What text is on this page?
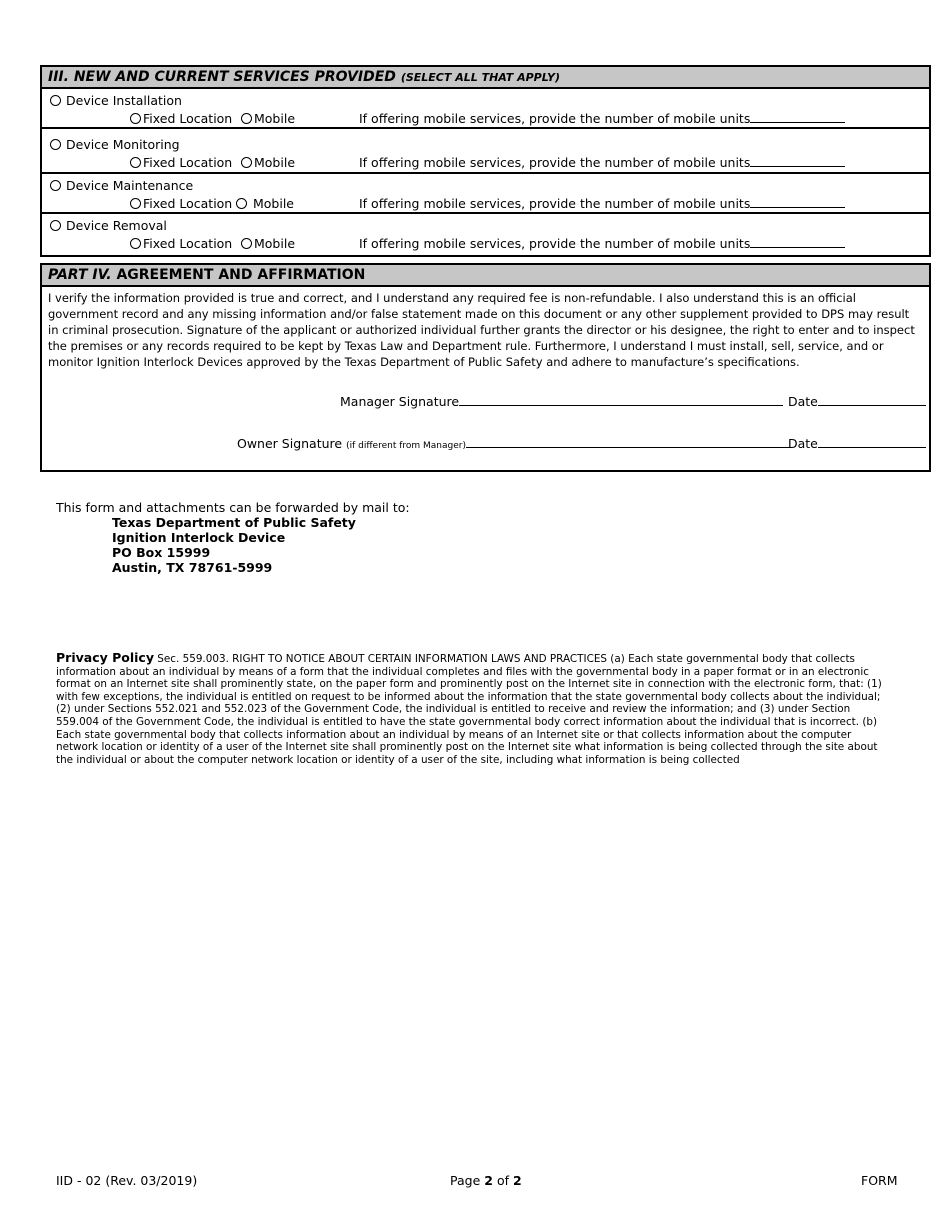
III. NEW AND CURRENT SERVICES PROVIDED (SELECT ALL THAT APPLY)
Device Installation
Fixed Location	Mobile	If offering mobile services, provide the number of mobile units
Device Monitoring
Fixed Location	Mobile	If offering mobile services, provide the number of mobile units
Device Maintenance
Fixed Location	Mobile	If offering mobile services, provide the number of mobile units
Device Removal
Fixed Location	Mobile	If offering mobile services, provide the number of mobile units
PART IV. AGREEMENT AND AFFIRMATION
I verify the information provided is true and correct, and I understand any required fee is non-refundable. I also understand this is an official government record and any missing information and/or false statement made on this document or any other supplement provided to DPS may result in criminal prosecution. Signature of the applicant or authorized individual further grants the director or his designee, the right to enter and to inspect the premises or any records required to be kept by Texas Law and Department rule. Furthermore, I understand I must install, sell, service, and or monitor Ignition Interlock Devices approved by the Texas Department of Public Safety and adhere to manufacture’s specifications.
Manager Signature	Date
Owner Signature (if different from Manager)	Date
This form and attachments can be forwarded by mail to:
Texas Department of Public Safety
Ignition Interlock Device
PO Box 15999
Austin, TX 78761-5999
Privacy Policy Sec. 559.003. RIGHT TO NOTICE ABOUT CERTAIN INFORMATION LAWS AND PRACTICES (a) Each state governmental body that collects information about an individual by means of a form that the individual completes and files with the governmental body in a paper format or in an electronic format on an Internet site shall prominently state, on the paper form and prominently post on the Internet site in connection with the electronic form, that: (1) with few exceptions, the individual is entitled on request to be informed about the information that the state governmental body collects about the individual; (2) under Sections 552.021 and 552.023 of the Government Code, the individual is entitled to receive and review the information; and (3) under Section 559.004 of the Government Code, the individual is entitled to have the state governmental body correct information about the individual that is incorrect. (b) Each state governmental body that collects information about an individual by means of an Internet site or that collects information about the computer network location or identity of a user of the Internet site shall prominently post on the Internet site what information is being collected through the site about the individual or about the computer network location or identity of a user of the site, including what information is being collected
IID - 02 (Rev. 03/2019)	Page 2 of 2	FORM
